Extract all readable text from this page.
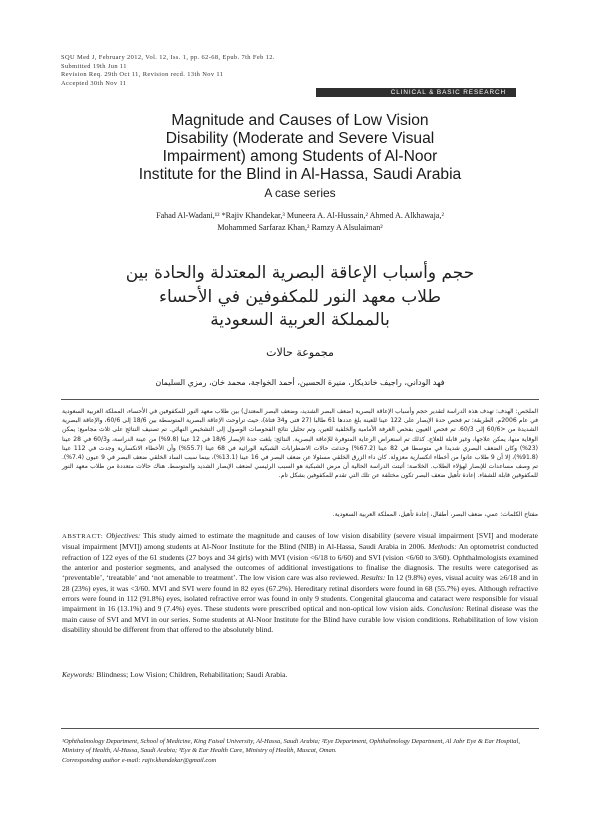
SQU Med J, February 2012, Vol. 12, Iss. 1, pp. 62-68, Epub. 7th Feb 12.
Submitted 19th Jun 11
Revision Req. 29th Oct 11, Revision recd. 13th Nov 11
Accepted 30th Nov 11
CLINICAL & BASIC RESEARCH
Magnitude and Causes of Low Vision
Disability (Moderate and Severe Visual
Impairment) among Students of Al-Noor
Institute for the Blind in Al-Hassa, Saudi Arabia
A case series
Fahad Al-Wadani,¹² *Rajiv Khandekar,³ Muneera A. Al-Hussain,² Ahmed A. Alkhawaja,²
Mohammed Sarfaraz Khan,² Ramzy A Alsulaiman²
حجم وأسباب الإعاقة البصرية المعتدلة والحادة بين
طلاب معهد النور للمكفوفين في الأحساء
بالمملكة العربية السعودية
مجموعة حالات
فهد الوداني، راجيف خانديكار، منيرة الحسين، أحمد الخواجة، محمد خان، رمزي السليمان
الملخص: الهدف: تهدف هذه الدراسة لتقدير حجم وأسباب الإعاقة البصرية (ضعف البصر الشديد، وضعف البصر المعتدل) بين طلاب معهد النور للمكفوفين في الأحساء، المملكة العربية السعودية في عام 2006م. الطريقة: تم فحص حدة الإبصار على 122 عينا للعينة بلغ عددها 61 طالبا (27 فتى و34 فتاة)، حيث تراوحت الإعاقة البصرية المتوسطة بين 18/6 إلى 60/6، والإعاقة البصرية الشديدة من <60/6 إلى 60/3. تم فحص العيون بفحص الغرفة الأمامية والخلفية للعين، وتم تحليل نتائج الفحوصات الوصول إلى التشخيص النهائي. تم تصنيف النتائج على ثلاث مجاميع: يمكن الوقاية منها، يمكن علاجها، وغير قابلة للعلاج. كذلك تم استعراض الرعاية المتوفرة للإعاقة البصرية. النتائج: بلغت حدة الإبصار 18/6 في 12 عينا (9.8%) من عينة الدراسة، و60/3 في 28 عينا (23%) وكان الضعف البصري شديدا في متوسطا في 82 عينا (67.2%) وحدثت حالات الاضطرابات الشبكية الوراثية في 68 عينا (55.7%) وأن الأخطاء الانكسارية وجدت في 112 عينا (91.8%)، إلا أن 9 طلاب عانوا من أخطاء انكسارية معزولة. كان داء الزرق الخلقي مسئولا عن ضعف البصر في 16 عينا (13.1%)، بينما سبب الساد الخلقي ضعف البصر في 9 عيون (7.4%). تم وصف مساعدات للإبصار لهؤلاء الطلاب. الخلاصة: أثبتت الدراسة الحالية أن مرض الشبكية هو السبب الرئيسي لضعف الإبصار الشديد والمتوسط. هناك حالات متعددة من طلاب معهد النور للمكفوفين قابلة للشفاء. إعادة تأهيل ضعف البصر تكون مختلفة عن تلك التي تقدم للمكفوفين بشكل تام.
مفتاح الكلمات: عمي، ضعف البصر، أطفال، إعادة تأهيل، المملكة العربية السعودية.
ABSTRACT: Objectives: This study aimed to estimate the magnitude and causes of low vision disability (severe visual impairment [SVI] and moderate visual impairment [MVI]) among students at Al-Noor Institute for the Blind (NIB) in Al-Hassa, Saudi Arabia in 2006. Methods: An optometrist conducted refraction of 122 eyes of the 61 students (27 boys and 34 girls) with MVI (vision <6/18 to 6/60) and SVI (vision <6/60 to 3/60). Ophthalmologists examined the anterior and posterior segments, and analysed the outcomes of additional investigations to finalise the diagnosis. The results were categorised as ‘preventable’, ‘treatable’ and ‘not amenable to treatment’. The low vision care was also reviewed. Results: In 12 (9.8%) eyes, visual acuity was ≥6/18 and in 28 (23%) eyes, it was <3/60. MVI and SVI were found in 82 eyes (67.2%). Hereditary retinal disorders were found in 68 (55.7%) eyes. Although refractive errors were found in 112 (91.8%) eyes, isolated refractive error was found in only 9 students. Congenital glaucoma and cataract were responsible for visual impairment in 16 (13.1%) and 9 (7.4%) eyes. These students were prescribed optical and non-optical low vision aids. Conclusion: Retinal disease was the main cause of SVI and MVI in our series. Some students at Al-Noor Institute for the Blind have curable low vision conditions. Rehabilitation of low vision disability should be different from that offered to the absolutely blind.
Keywords: Blindness; Low Vision; Children, Rehabilitation; Saudi Arabia.
¹Ophthalmology Department, School of Medicine, King Faisal University, Al-Hassa, Saudi Arabia; ²Eye Department, Ophthalmology Department, Al Jabr Eye & Ear Hospital, Ministry of Health, Al-Hassa, Saudi Arabia; ³Eye & Ear Health Care, Ministry of Health, Muscat, Oman.
Corresponding author e-mail: rajiv.khandekar@gmail.com
